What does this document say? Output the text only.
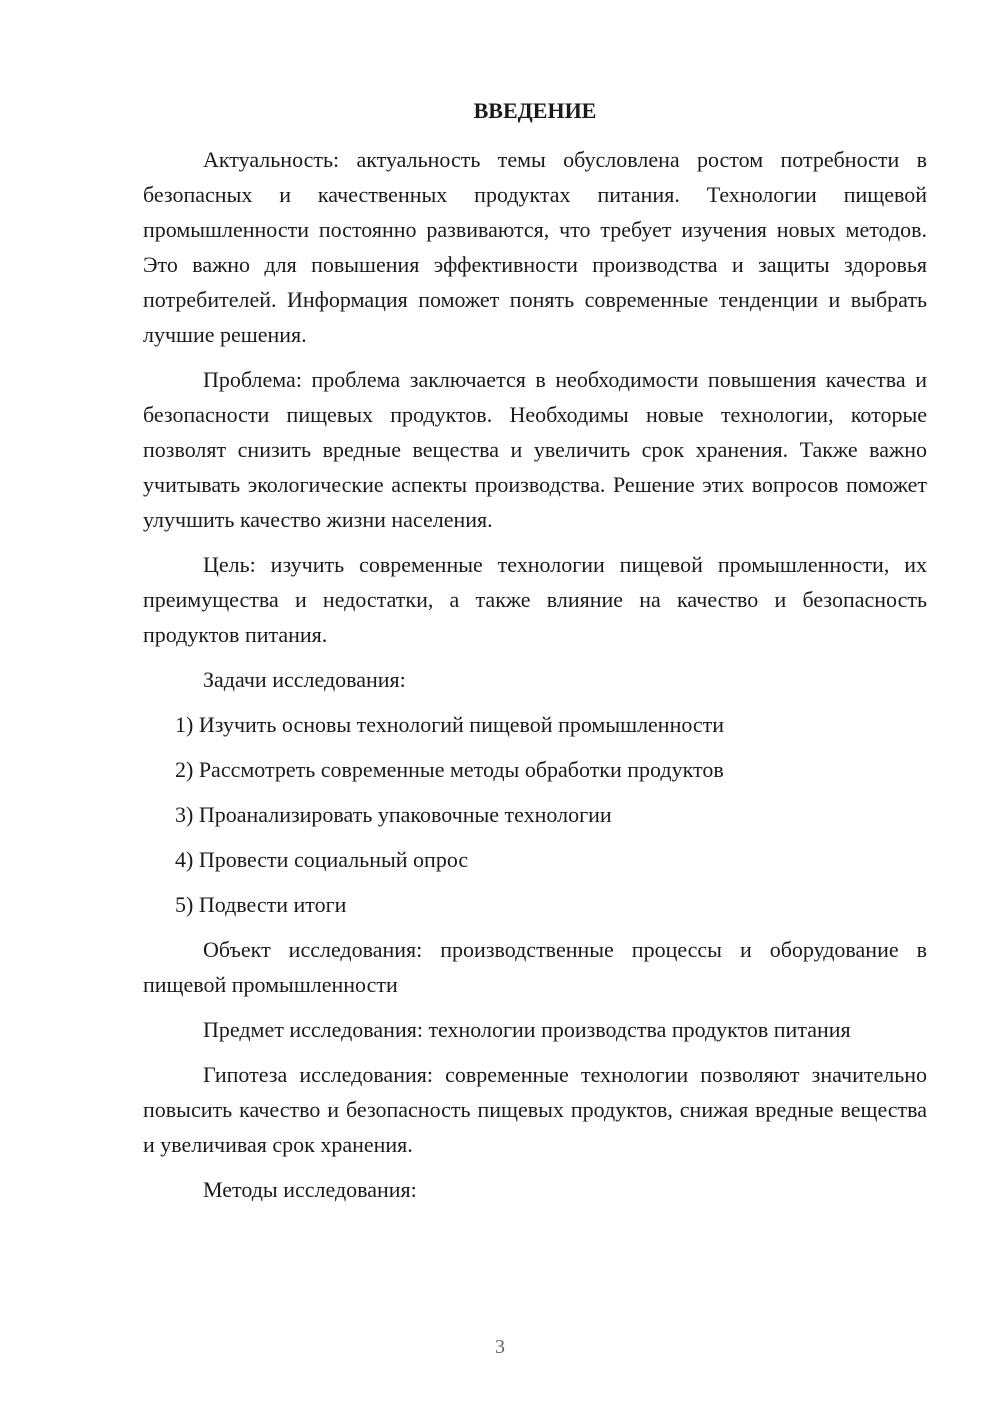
ВВЕДЕНИЕ

Актуальность: актуальность темы обусловлена ростом потребности в безопасных и качественных продуктах питания. Технологии пищевой промышленности постоянно развиваются, что требует изучения новых методов. Это важно для повышения эффективности производства и защиты здоровья потребителей. Информация поможет понять современные тенденции и выбрать лучшие решения.

Проблема: проблема заключается в необходимости повышения качества и безопасности пищевых продуктов. Необходимы новые технологии, которые позволят снизить вредные вещества и увеличить срок хранения. Также важно учитывать экологические аспекты производства. Решение этих вопросов поможет улучшить качество жизни населения.

Цель: изучить современные технологии пищевой промышленности, их преимущества и недостатки, а также влияние на качество и безопасность продуктов питания.

Задачи исследования:

1) Изучить основы технологий пищевой промышленности
2) Рассмотреть современные методы обработки продуктов
3) Проанализировать упаковочные технологии
4) Провести социальный опрос
5) Подвести итоги

Объект исследования: производственные процессы и оборудование в пищевой промышленности

Предмет исследования: технологии производства продуктов питания

Гипотеза исследования: современные технологии позволяют значительно повысить качество и безопасность пищевых продуктов, снижая вредные вещества и увеличивая срок хранения.

Методы исследования:

3
